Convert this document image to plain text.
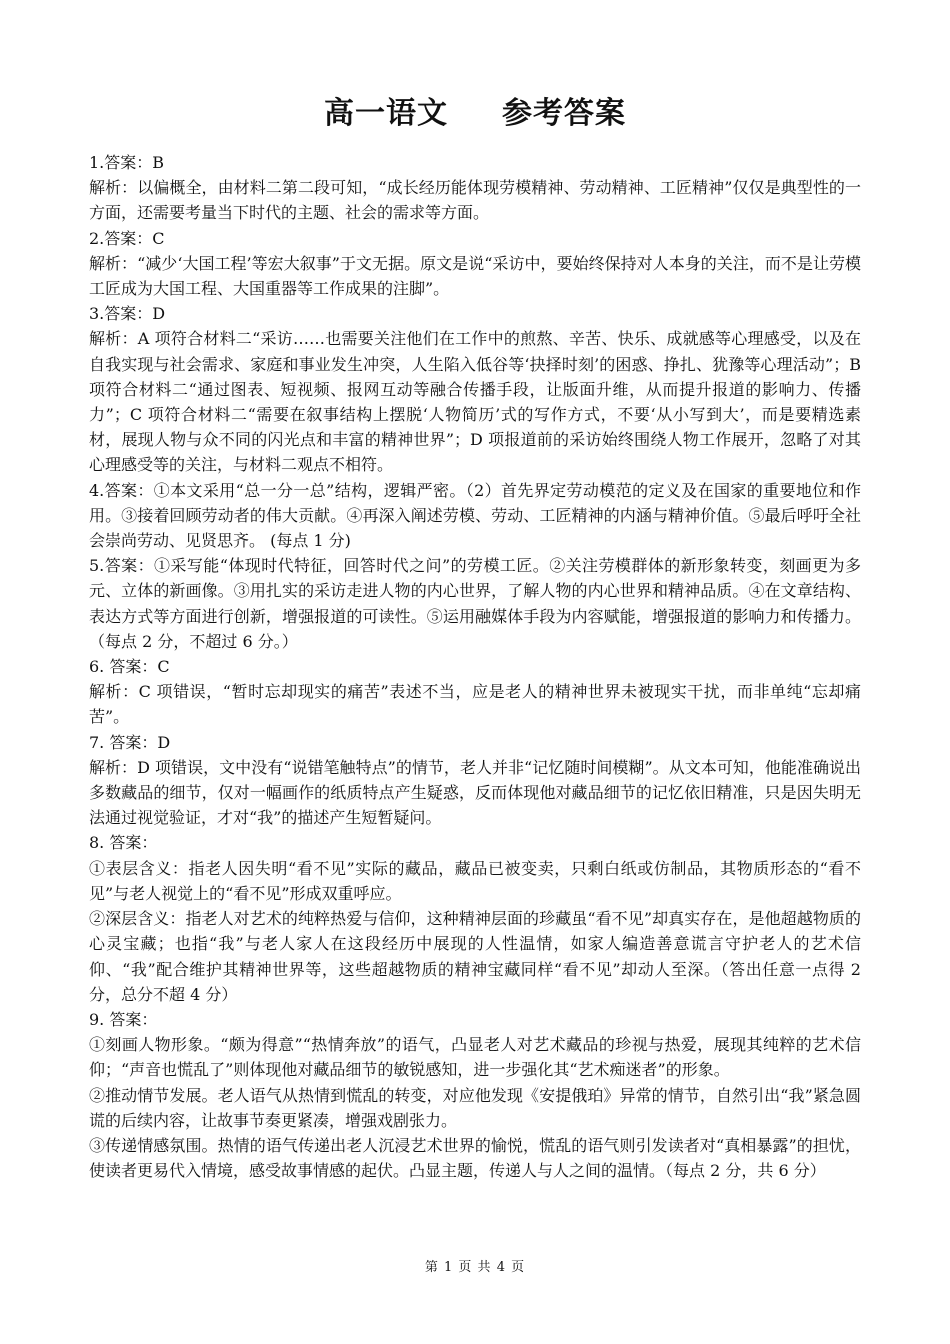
高一语文 参考答案

1.答案：B

解析：以偏概全，由材料二第二段可知，“成长经历能体现劳模精神、劳动精神、工匠精神”仅仅是典型性的一方面，还需要考量当下时代的主题、社会的需求等方面。

2.答案：C

解析：“减少‘大国工程’等宏大叙事”于文无据。原文是说“采访中，要始终保持对人本身的关注，而不是让劳模工匠成为大国工程、大国重器等工作成果的注脚”。

3.答案：D

解析：A 项符合材料二“采访……也需要关注他们在工作中的煎熬、辛苦、快乐、成就感等心理感受，以及在自我实现与社会需求、家庭和事业发生冲突，人生陷入低谷等‘抉择时刻’的困惑、挣扎、犹豫等心理活动”；B 项符合材料二“通过图表、短视频、报网互动等融合传播手段，让版面升维，从而提升报道的影响力、传播力”；C 项符合材料二“需要在叙事结构上摆脱‘人物简历’式的写作方式，不要‘从小写到大’，而是要精选素材，展现人物与众不同的闪光点和丰富的精神世界”；D 项报道前的采访始终围绕人物工作展开，忽略了对其心理感受等的关注，与材料二观点不相符。

4.答案：①本文采用“总一分一总”结构，逻辑严密。（2）首先界定劳动模范的定义及在国家的重要地位和作用。③接着回顾劳动者的伟大贡献。④再深入阐述劳模、劳动、工匠精神的内涵与精神价值。⑤最后呼吁全社会崇尚劳动、见贤思齐。 (每点 1 分)

5.答案：①采写能“体现时代特征，回答时代之问”的劳模工匠。②关注劳模群体的新形象转变，刻画更为多元、立体的新画像。③用扎实的采访走进人物的内心世界，了解人物的内心世界和精神品质。④在文章结构、表达方式等方面进行创新，增强报道的可读性。⑤运用融媒体手段为内容赋能，增强报道的影响力和传播力。（每点 2 分，不超过 6 分。）

6. 答案：C

解析：C 项错误，“暂时忘却现实的痛苦”表述不当，应是老人的精神世界未被现实干扰，而非单纯“忘却痛苦”。

7. 答案：D

解析：D 项错误，文中没有“说错笔触特点”的情节，老人并非“记忆随时间模糊”。从文本可知，他能准确说出多数藏品的细节，仅对一幅画作的纸质特点产生疑惑，反而体现他对藏品细节的记忆依旧精准，只是因失明无法通过视觉验证，才对“我”的描述产生短暂疑问。

8. 答案：

①表层含义：指老人因失明“看不见”实际的藏品，藏品已被变卖，只剩白纸或仿制品，其物质形态的“看不见”与老人视觉上的“看不见”形成双重呼应。

②深层含义：指老人对艺术的纯粹热爱与信仰，这种精神层面的珍藏虽“看不见”却真实存在，是他超越物质的心灵宝藏；也指“我”与老人家人在这段经历中展现的人性温情，如家人编造善意谎言守护老人的艺术信仰、“我”配合维护其精神世界等，这些超越物质的精神宝藏同样“看不见”却动人至深。（答出任意一点得 2 分，总分不超 4 分）

9. 答案：

①刻画人物形象。“颇为得意”“热情奔放”的语气，凸显老人对艺术藏品的珍视与热爱，展现其纯粹的艺术信仰；“声音也慌乱了”则体现他对藏品细节的敏锐感知，进一步强化其“艺术痴迷者”的形象。

②推动情节发展。老人语气从热情到慌乱的转变，对应他发现《安提俄珀》异常的情节，自然引出“我”紧急圆谎的后续内容，让故事节奏更紧凑，增强戏剧张力。

③传递情感氛围。热情的语气传递出老人沉浸艺术世界的愉悦，慌乱的语气则引发读者对“真相暴露”的担忧，使读者更易代入情境，感受故事情感的起伏。凸显主题，传递人与人之间的温情。（每点 2 分，共 6 分）

第 1 页 共 4 页
